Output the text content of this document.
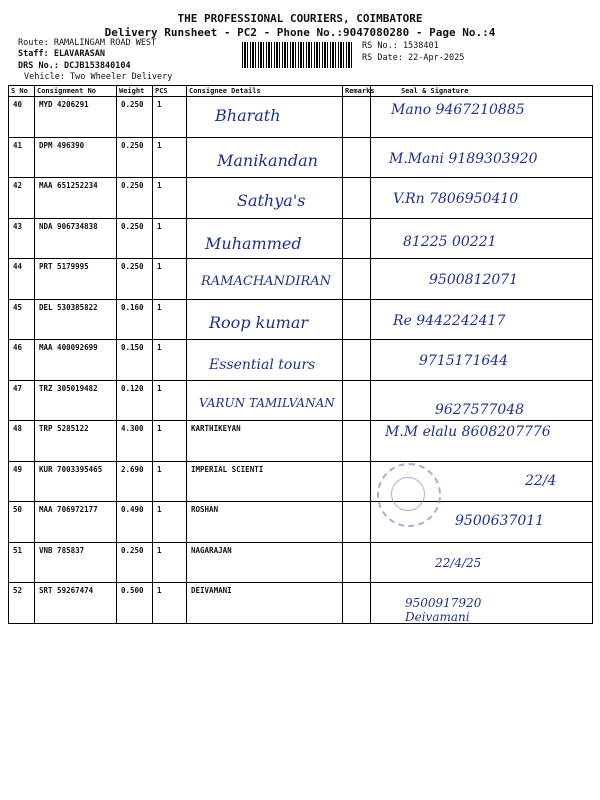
THE PROFESSIONAL COURIERS, COIMBATORE
Delivery Runsheet - PC2 - Phone No.:9047080280 - Page No.:4
Route: RAMALINGAM ROAD WEST
Staff: ELAVARASAN
DRS No.: DCJB153840104
Vehicle: Two Wheeler Delivery
RS No.: 1538401
RS Date: 22-Apr-2025
S No	Consignment No	Weight	PCS	Consignee Details	Remarks	Seal & Signature
40	MYD 4206291	0.250	1	Bharath		Mano 9467210885
41	DPM 496390	0.250	1	Manikandan		M.Mani 9189303920
42	MAA 651252234	0.250	1	Sathya's		V.Rn 7806950410
43	NDA 906734838	0.250	1	Muhammed		81225 00221
44	PRT 5179995	0.250	1	RAMACHANDIRAN		9500812071
45	DEL 530385822	0.160	1	Roop kumar		Re 9442242417
46	MAA 400092699	0.150	1	Essential tours		9715171644
47	TRZ 305019482	0.120	1	VARUN TAMILVANAN		9627577048
48	TRP 5285122	4.300	1	KARTHIKEYAN		M.M elalu 8608207776
49	KUR 7003395465	2.690	1	IMPERIAL SCIENTI		22/4
50	MAA 706972177	0.490	1	ROSHAN		9500637011
51	VNB 785837	0.250	1	NAGARAJAN		22/4/25
52	SRT 59267474	0.500	1	DEIVAMANI		9500917920 Deivamani
